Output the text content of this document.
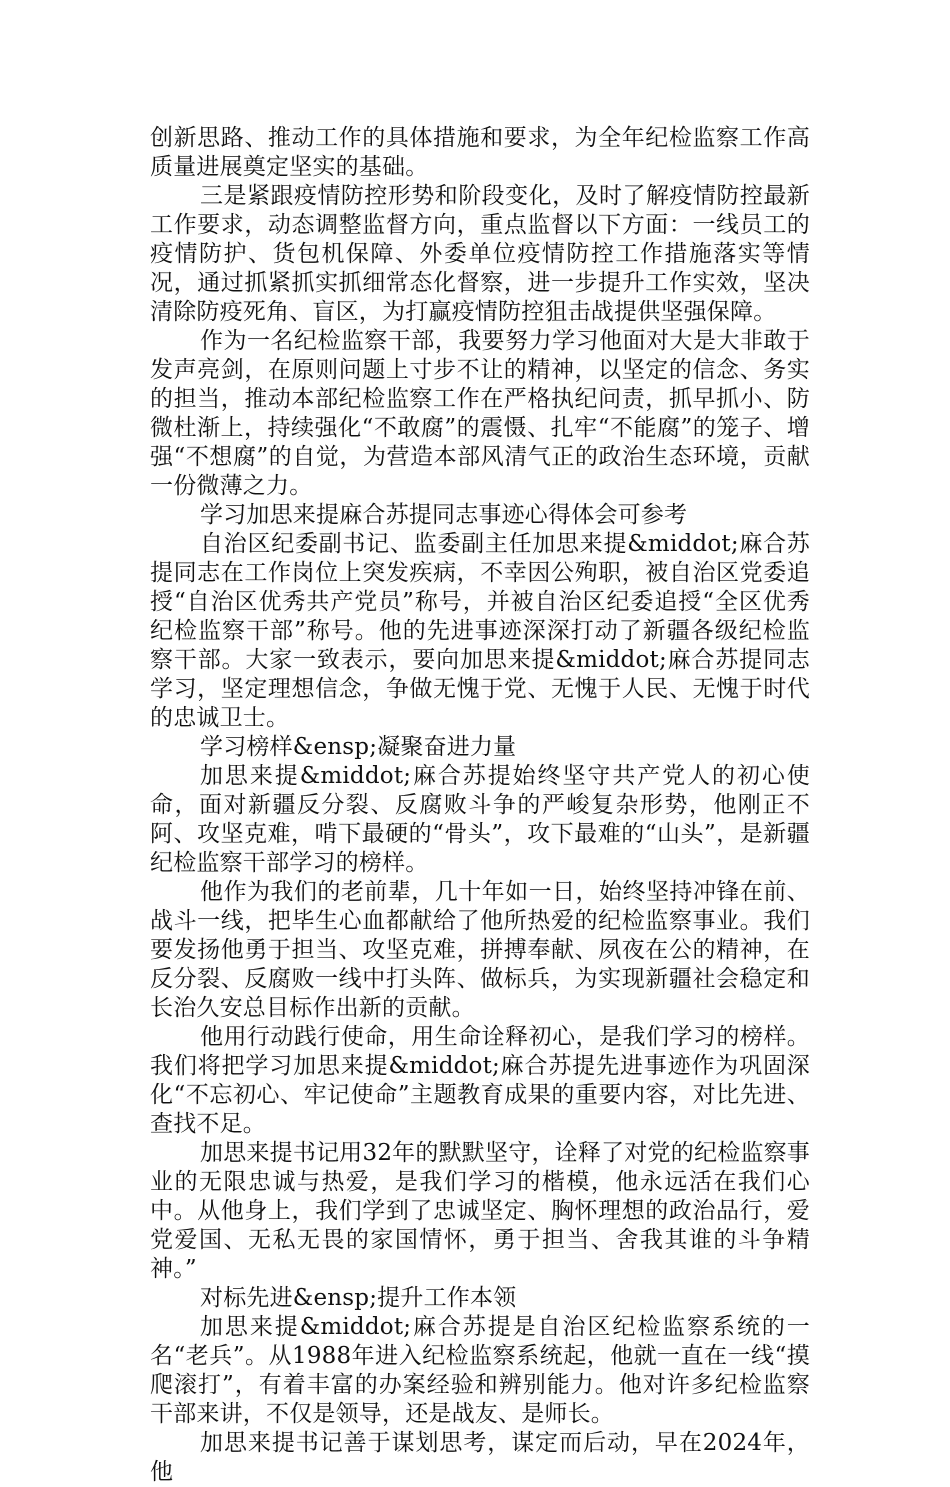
创新思路、推动工作的具体措施和要求，为全年纪检监察工作高质量进展奠定坚实的基础。

三是紧跟疫情防控形势和阶段变化，及时了解疫情防控最新工作要求，动态调整监督方向，重点监督以下方面：一线员工的疫情防护、货包机保障、外委单位疫情防控工作措施落实等情况，通过抓紧抓实抓细常态化督察，进一步提升工作实效，坚决清除防疫死角、盲区，为打赢疫情防控狙击战提供坚强保障。

作为一名纪检监察干部，我要努力学习他面对大是大非敢于发声亮剑，在原则问题上寸步不让的精神，以坚定的信念、务实的担当，推动本部纪检监察工作在严格执纪问责，抓早抓小、防微杜渐上，持续强化“不敢腐”的震慑、扎牢“不能腐”的笼子、增强“不想腐”的自觉，为营造本部风清气正的政治生态环境，贡献一份微薄之力。

学习加思来提麻合苏提同志事迹心得体会可参考

自治区纪委副书记、监委副主任加思来提&middot;麻合苏提同志在工作岗位上突发疾病，不幸因公殉职，被自治区党委追授“自治区优秀共产党员”称号，并被自治区纪委追授“全区优秀纪检监察干部”称号。他的先进事迹深深打动了新疆各级纪检监察干部。大家一致表示，要向加思来提&middot;麻合苏提同志学习，坚定理想信念，争做无愧于党、无愧于人民、无愧于时代的忠诚卫士。

学习榜样&ensp;凝聚奋进力量

加思来提&middot;麻合苏提始终坚守共产党人的初心使命，面对新疆反分裂、反腐败斗争的严峻复杂形势，他刚正不阿、攻坚克难，啃下最硬的“骨头”，攻下最难的“山头”，是新疆纪检监察干部学习的榜样。

他作为我们的老前辈，几十年如一日，始终坚持冲锋在前、战斗一线，把毕生心血都献给了他所热爱的纪检监察事业。我们要发扬他勇于担当、攻坚克难，拼搏奉献、夙夜在公的精神，在反分裂、反腐败一线中打头阵、做标兵，为实现新疆社会稳定和长治久安总目标作出新的贡献。

他用行动践行使命，用生命诠释初心，是我们学习的榜样。我们将把学习加思来提&middot;麻合苏提先进事迹作为巩固深化“不忘初心、牢记使命”主题教育成果的重要内容，对比先进、查找不足。

加思来提书记用32年的默默坚守，诠释了对党的纪检监察事业的无限忠诚与热爱，是我们学习的楷模，他永远活在我们心中。从他身上，我们学到了忠诚坚定、胸怀理想的政治品行，爱党爱国、无私无畏的家国情怀，勇于担当、舍我其谁的斗争精神。”

对标先进&ensp;提升工作本领

加思来提&middot;麻合苏提是自治区纪检监察系统的一名“老兵”。从1988年进入纪检监察系统起，他就一直在一线“摸爬滚打”，有着丰富的办案经验和辨别能力。他对许多纪检监察干部来讲，不仅是领导，还是战友、是师长。

加思来提书记善于谋划思考，谋定而后动，早在2024年，他
